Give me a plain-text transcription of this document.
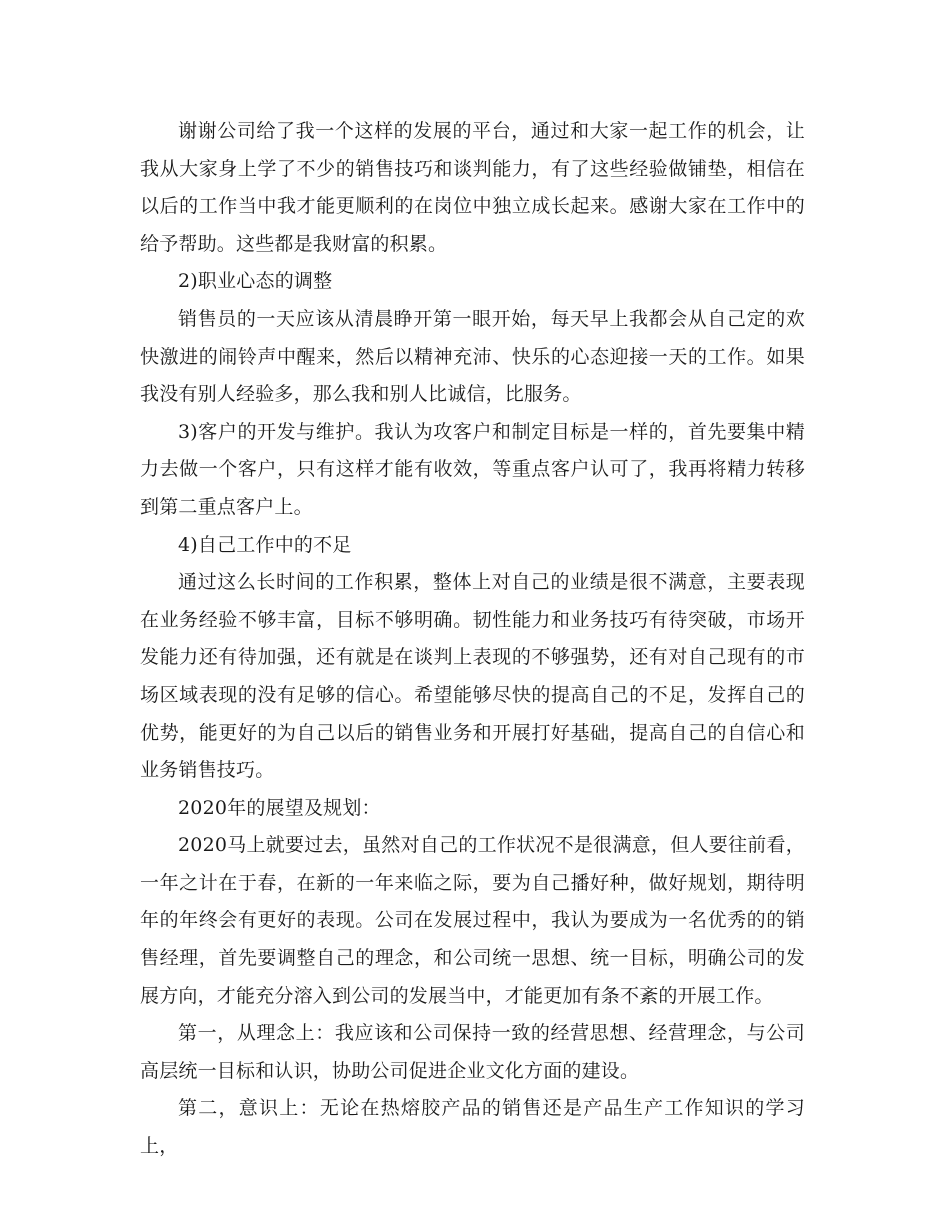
谢谢公司给了我一个这样的发展的平台，通过和大家一起工作的机会，让我从大家身上学了不少的销售技巧和谈判能力，有了这些经验做铺垫，相信在以后的工作当中我才能更顺利的在岗位中独立成长起来。感谢大家在工作中的给予帮助。这些都是我财富的积累。

2)职业心态的调整

销售员的一天应该从清晨睁开第一眼开始，每天早上我都会从自己定的欢快激进的闹铃声中醒来，然后以精神充沛、快乐的心态迎接一天的工作。如果我没有别人经验多，那么我和别人比诚信，比服务。

3)客户的开发与维护。我认为攻客户和制定目标是一样的，首先要集中精力去做一个客户，只有这样才能有收效，等重点客户认可了，我再将精力转移到第二重点客户上。

4)自己工作中的不足

通过这么长时间的工作积累，整体上对自己的业绩是很不满意，主要表现在业务经验不够丰富，目标不够明确。韧性能力和业务技巧有待突破，市场开发能力还有待加强，还有就是在谈判上表现的不够强势，还有对自己现有的市场区域表现的没有足够的信心。希望能够尽快的提高自己的不足，发挥自己的优势，能更好的为自己以后的销售业务和开展打好基础，提高自己的自信心和业务销售技巧。

2020年的展望及规划：

2020马上就要过去，虽然对自己的工作状况不是很满意，但人要往前看，一年之计在于春，在新的一年来临之际，要为自己播好种，做好规划，期待明年的年终会有更好的表现。公司在发展过程中，我认为要成为一名优秀的的销售经理，首先要调整自己的理念，和公司统一思想、统一目标，明确公司的发展方向，才能充分溶入到公司的发展当中，才能更加有条不紊的开展工作。

第一，从理念上：我应该和公司保持一致的经营思想、经营理念，与公司高层统一目标和认识，协助公司促进企业文化方面的建设。

第二，意识上：无论在热熔胶产品的销售还是产品生产工作知识的学习上，
